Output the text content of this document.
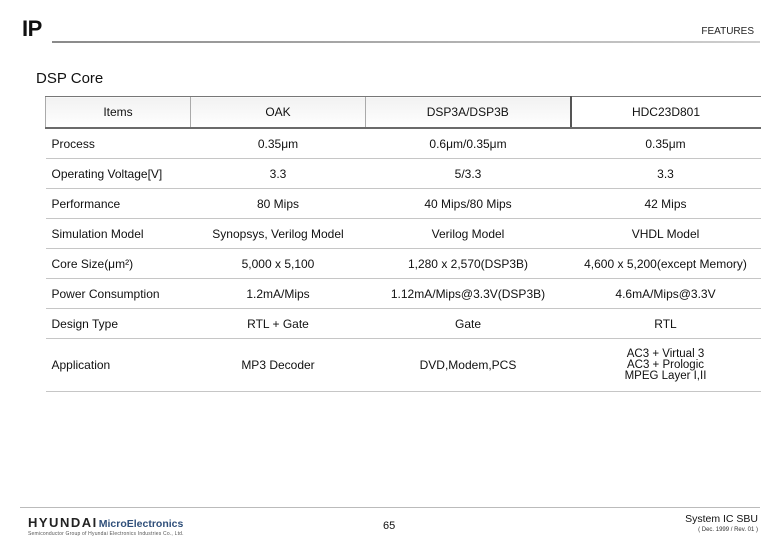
IP	FEATURES
DSP Core
Items	OAK	DSP3A/DSP3B	HDC23D801
Process	0.35μm	0.6μm/0.35μm	0.35μm
Operating Voltage[V]	3.3	5/3.3	3.3
Performance	80 Mips	40 Mips/80 Mips	42 Mips
Simulation Model	Synopsys, Verilog Model	Verilog Model	VHDL Model
Core Size(μm²)	5,000 x 5,100	1,280 x 2,570(DSP3B)	4,600 x 5,200(except Memory)
Power Consumption	1.2mA/Mips	1.12mA/Mips@3.3V(DSP3B)	4.6mA/Mips@3.3V
Design Type	RTL + Gate	Gate	RTL
Application	MP3 Decoder	DVD,Modem,PCS	AC3 + Virtual 3
AC3 + Prologic
MPEG Layer I,II
HYUNDAI MicroElectronics
Semiconductor Group of Hyundai Electronics Industries Co., Ltd.
65
System IC SBU
( Dec. 1999 / Rev. 01 )
